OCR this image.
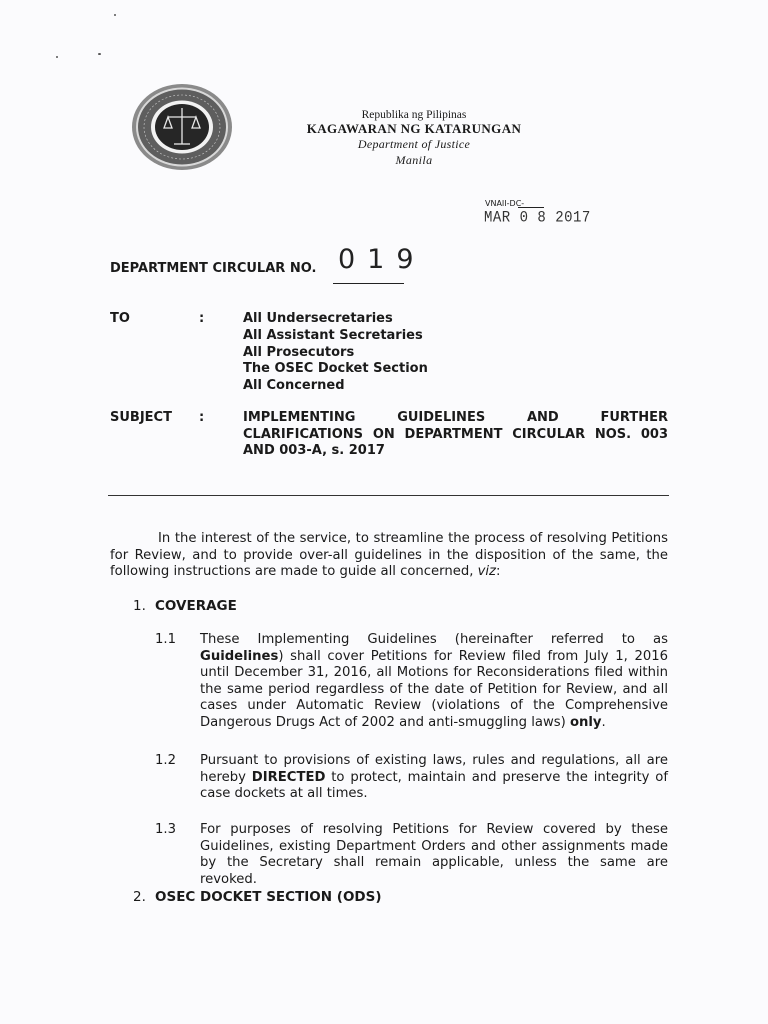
Republika ng Pilipinas
KAGAWARAN NG KATARUNGAN
Department of Justice
Manila
VNAII-DC-
MAR 0 8 2017
DEPARTMENT CIRCULAR NO. 019
TO	:	All Undersecretaries
All Assistant Secretaries
All Prosecutors
The OSEC Docket Section
All Concerned
SUBJECT :	IMPLEMENTING GUIDELINES AND FURTHER CLARIFICATIONS ON DEPARTMENT CIRCULAR NOS. 003 AND 003-A, s. 2017
In the interest of the service, to streamline the process of resolving Petitions for Review, and to provide over-all guidelines in the disposition of the same, the following instructions are made to guide all concerned, viz:
1. COVERAGE
1.1 These Implementing Guidelines (hereinafter referred to as Guidelines) shall cover Petitions for Review filed from July 1, 2016 until December 31, 2016, all Motions for Reconsiderations filed within the same period regardless of the date of Petition for Review, and all cases under Automatic Review (violations of the Comprehensive Dangerous Drugs Act of 2002 and anti-smuggling laws) only.
1.2 Pursuant to provisions of existing laws, rules and regulations, all are hereby DIRECTED to protect, maintain and preserve the integrity of case dockets at all times.
1.3 For purposes of resolving Petitions for Review covered by these Guidelines, existing Department Orders and other assignments made by the Secretary shall remain applicable, unless the same are revoked.
2. OSEC DOCKET SECTION (ODS)
